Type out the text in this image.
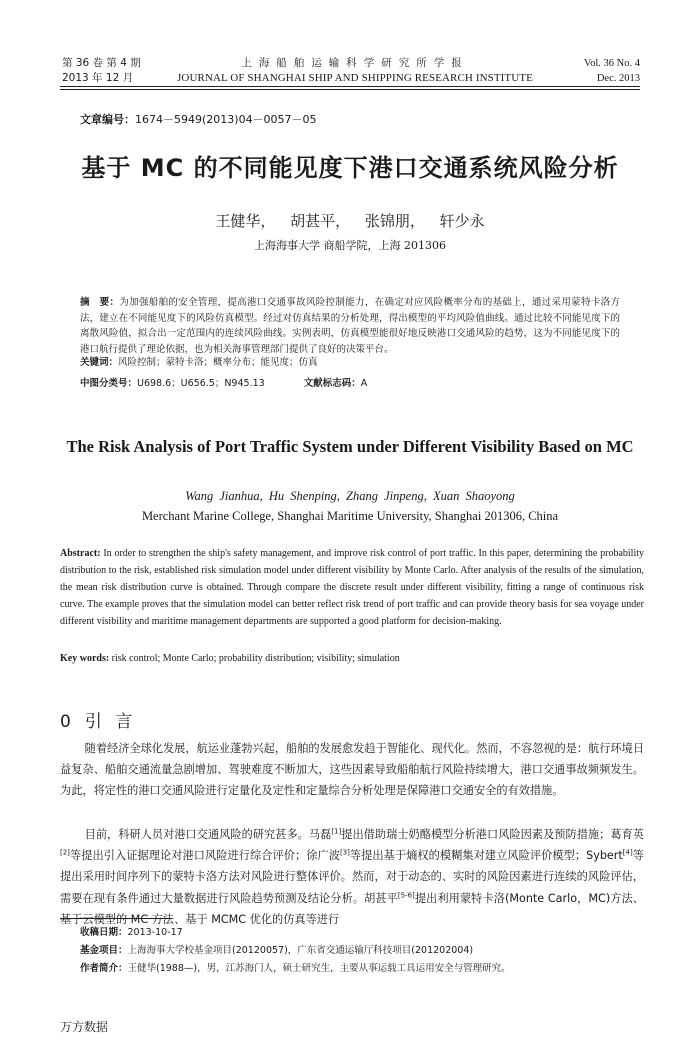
第 36 卷 第 4 期
2013 年 12 月
上海船舶运输科学研究所学报
JOURNAL OF SHANGHAI SHIP AND SHIPPING RESEARCH INSTITUTE
Vol. 36 No. 4
Dec. 2013
文章编号：1674－5949(2013)04－0057－05
基于 MC 的不同能见度下港口交通系统风险分析
王健华， 胡甚平， 张锦朋， 轩少永
上海海事大学 商船学院，上海 201306
摘　要：为加强船舶的安全管理，提高港口交通事故风险控制能力，在确定对应风险概率分布的基础上，通过采用蒙特卡洛方法，建立在不同能见度下的风险仿真模型。经过对仿真结果的分析处理，得出模型的平均风险值曲线。通过比较不同能见度下的离散风险值，拟合出一定范围内的连续风险曲线。实例表明，仿真模型能很好地反映港口交通风险的趋势，这为不同能见度下的港口航行提供了理论依据，也为相关海事管理部门提供了良好的决策平台。
关键词：风险控制；蒙特卡洛；概率分布；能见度；仿真
中图分类号：U698.6；U656.5；N945.13	文献标志码：A
The Risk Analysis of Port Traffic System under Different Visibility Based on MC
Wang Jianhua, Hu Shenping, Zhang Jinpeng, Xuan Shaoyong
Merchant Marine College, Shanghai Maritime University, Shanghai 201306, China
Abstract: In order to strengthen the ship's safety management, and improve risk control of port traffic. In this paper, determining the probability distribution to the risk, established risk simulation model under different visibility by Monte Carlo. After analysis of the results of the simulation, the mean risk distribution curve is obtained. Through compare the discrete result under different visibility, fitting a range of continuous risk curve. The example proves that the simulation model can better reflect risk trend of port traffic and can provide theory basis for sea voyage under different visibility and maritime management departments are supported a good platform for decision-making.
Key words: risk control; Monte Carlo; probability distribution; visibility; simulation
0 引 言
随着经济全球化发展，航运业蓬勃兴起，船舶的发展愈发趋于智能化、现代化。然而，不容忽视的是：航行环境日益复杂、船舶交通流量急剧增加、驾驶难度不断加大，这些因素导致船舶航行风险持续增大，港口交通事故频频发生。为此，将定性的港口交通风险进行定量化及定性和定量综合分析处理是保障港口交通安全的有效措施。
目前，科研人员对港口交通风险的研究甚多。马磊[1]提出借助瑞士奶酪模型分析港口风险因素及预防措施；葛育英[2]等提出引入证据理论对港口风险进行综合评价；徐广波[3]等提出基于熵权的模糊集对建立风险评价模型；Sybert[4]等提出采用时间序列下的蒙特卡洛方法对风险进行整体评价。然而，对于动态的、实时的风险因素进行连续的风险评估，需要在现有条件通过大量数据进行风险趋势预测及结论分析。胡甚平[5-6]提出利用蒙特卡洛(Monte Carlo，MC)方法、基于云模型的 MC 方法、基于 MCMC 优化的仿真等进行
收稿日期：2013-10-17
基金项目：上海海事大学校基金项目(20120057)，广东省交通运输厅科技项目(201202004)
作者简介：王健华(1988—)，男，江苏海门人，硕士研究生，主要从事运载工具运用安全与管理研究。
万方数据
